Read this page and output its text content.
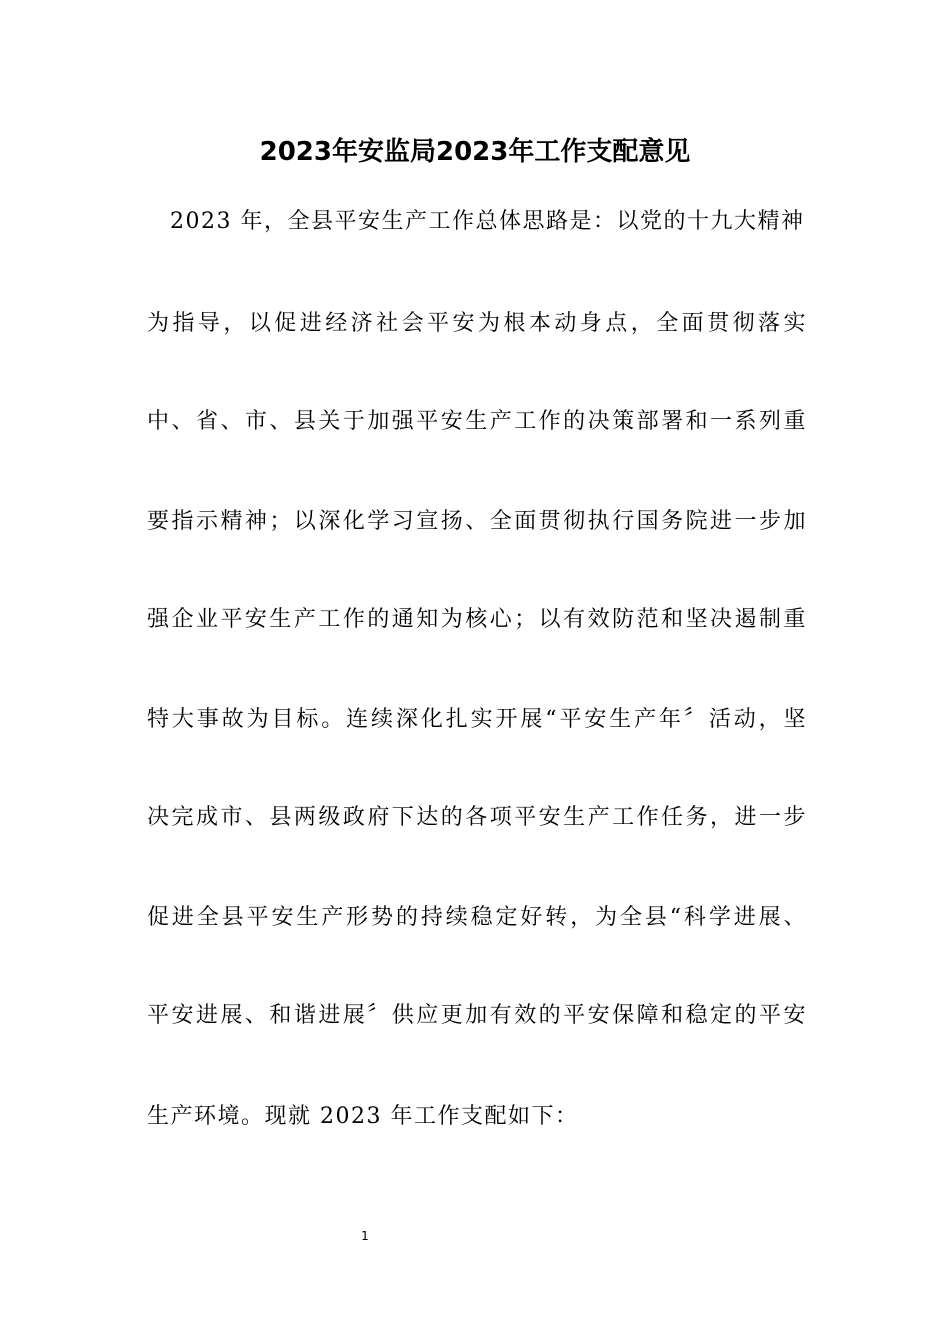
2023年安监局2023年工作支配意见
2023 年，全县平安生产工作总体思路是：以党的十九大精神
为指导，以促进经济社会平安为根本动身点，全面贯彻落实
中、省、市、县关于加强平安生产工作的决策部署和一系列重
要指示精神；以深化学习宣扬、全面贯彻执行国务院进一步加
强企业平安生产工作的通知为核心；以有效防范和坚决遏制重
特大事故为目标。连续深化扎实开展“平安生产年〞活动，坚
决完成市、县两级政府下达的各项平安生产工作任务，进一步
促进全县平安生产形势的持续稳定好转，为全县“科学进展、
平安进展、和谐进展〞供应更加有效的平安保障和稳定的平安
生产环境。现就 2023 年工作支配如下：
1
